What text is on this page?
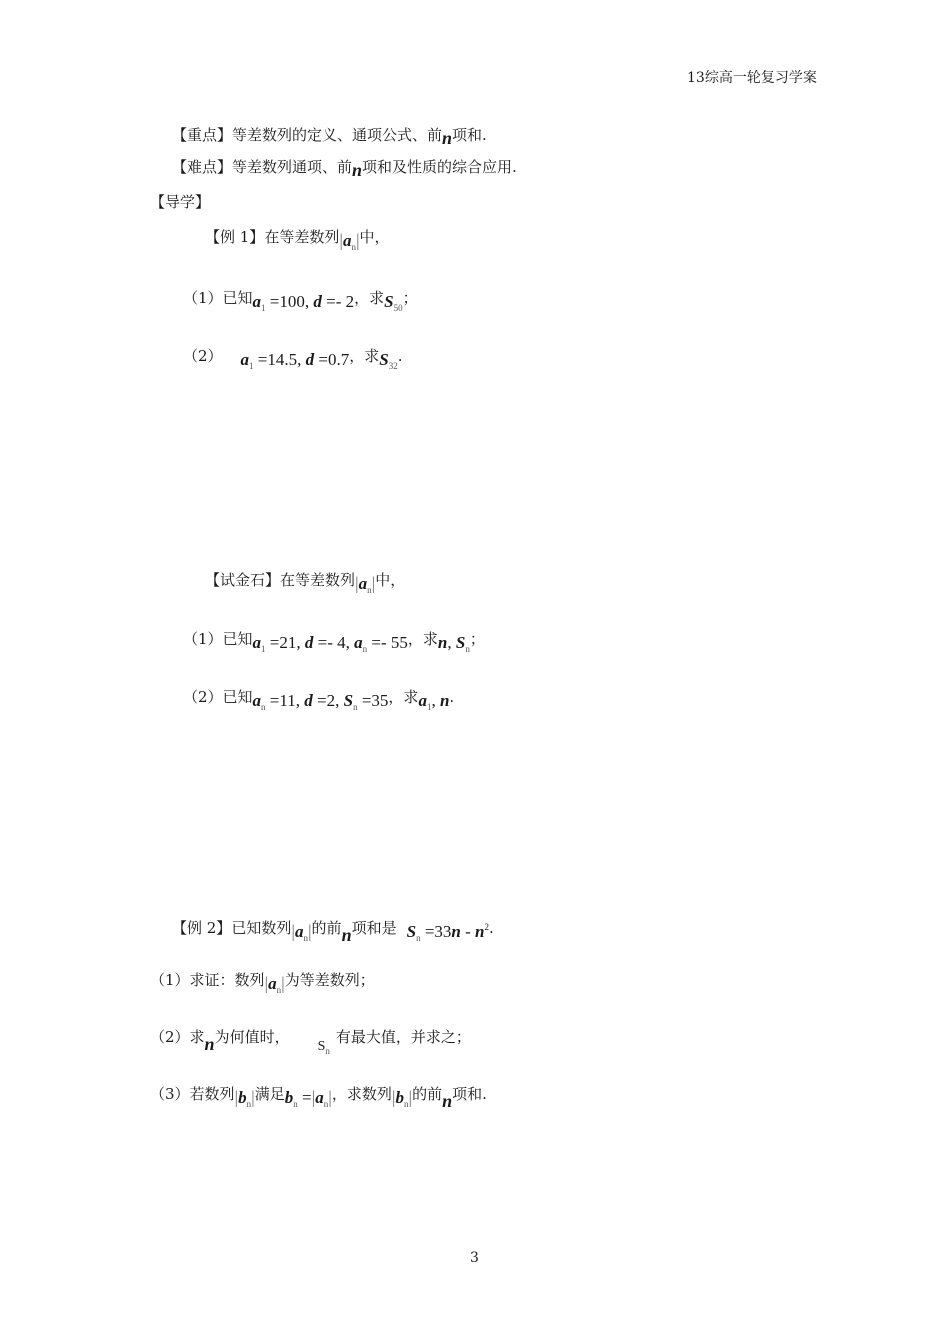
13综高一轮复习学案
【重点】等差数列的定义、通项公式、前n项和.
【难点】等差数列通项、前n项和及性质的综合应用.
【导学】
【例 1】在等差数列$|a_n|$中，
（1）已知$a_1 =100$, d =- 2，求$S_{50}$；
（2） $a_1 =14.5$, d =0.7，求$S_{32}$.
【试金石】在等差数列$|a_n|$中，
（1）已知$a_1 =21$, d =- 4, $a_n =- 55$，求n, $S_n$；
（2）已知$a_n =11$, d =2, $S_n =35$，求$a_1$, n.
【例 2】已知数列$|a_n|$的前n项和是 $S_n =33n - n^2$.
（1）求证：数列$|a_n|$为等差数列；
（2）求n为何值时，$S_n$有最大值，并求之；
（3）若数列$|b_n|$满足$b_n =|a_n|$，求数列$|b_n|$的前n项和.
3
